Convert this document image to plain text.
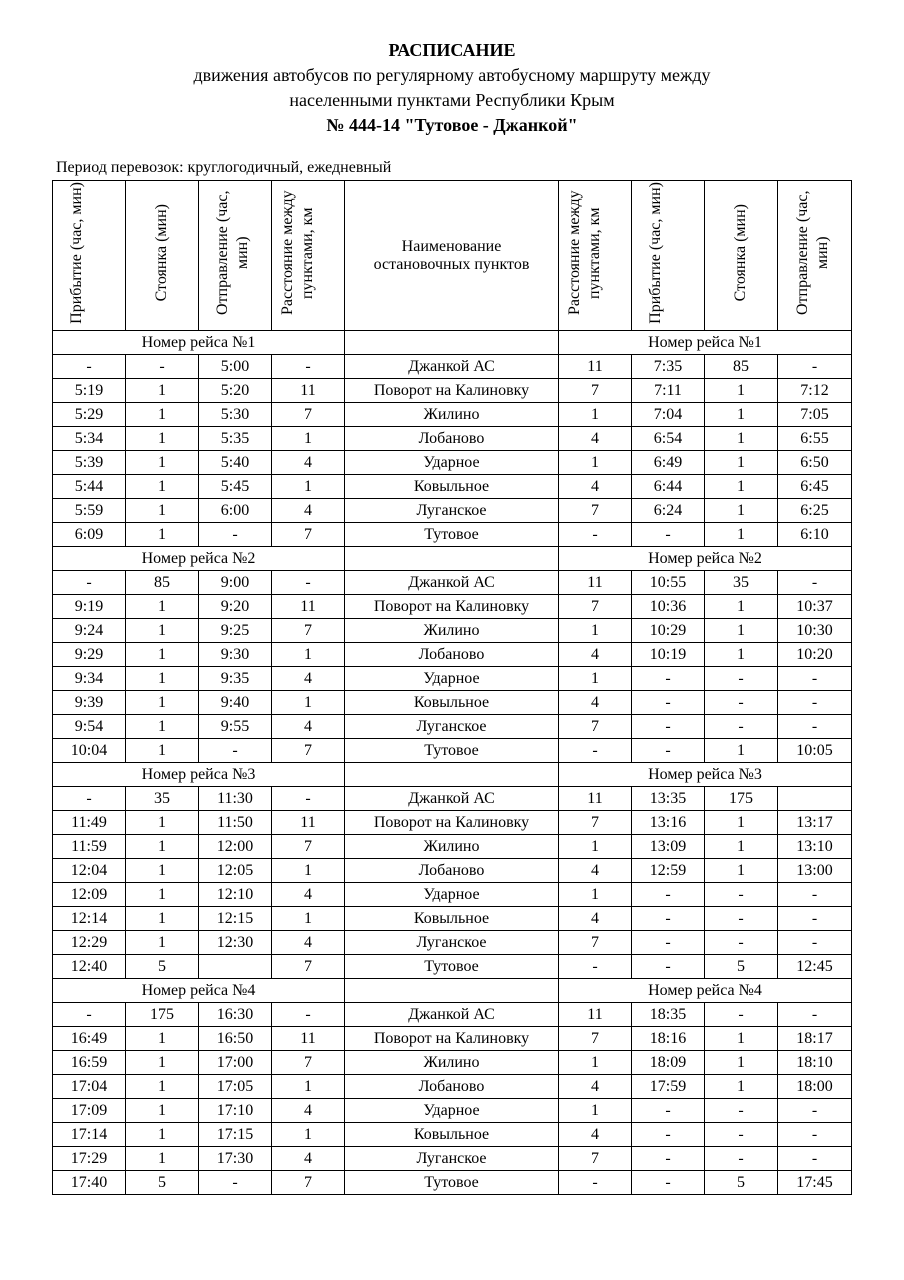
РАСПИСАНИЕ
движения автобусов по регулярному автобусному маршруту между
населенными пунктами Республики Крым
№ 444-14 "Тутовое - Джанкой"
Период перевозок: круглогодичный, ежедневный
Прибытие (час, мин)	Стоянка (мин)	Отправление (час, мин)	Расстояние между пунктами, км	Наименование остановочных пунктов	Расстояние между пунктами, км	Прибытие (час, мин)	Стоянка (мин)	Отправление (час, мин)
Номер рейса №1					Номер рейса №1			
-	-	5:00	-	Джанкой АС	11	7:35	85	-
5:19	1	5:20	11	Поворот на Калиновку	7	7:11	1	7:12
5:29	1	5:30	7	Жилино	1	7:04	1	7:05
5:34	1	5:35	1	Лобаново	4	6:54	1	6:55
5:39	1	5:40	4	Ударное	1	6:49	1	6:50
5:44	1	5:45	1	Ковыльное	4	6:44	1	6:45
5:59	1	6:00	4	Луганское	7	6:24	1	6:25
6:09	1	-	7	Тутовое	-	-	1	6:10
Номер рейса №2					Номер рейса №2			
-	85	9:00	-	Джанкой АС	11	10:55	35	-
9:19	1	9:20	11	Поворот на Калиновку	7	10:36	1	10:37
9:24	1	9:25	7	Жилино	1	10:29	1	10:30
9:29	1	9:30	1	Лобаново	4	10:19	1	10:20
9:34	1	9:35	4	Ударное	1	-	-	-
9:39	1	9:40	1	Ковыльное	4	-	-	-
9:54	1	9:55	4	Луганское	7	-	-	-
10:04	1	-	7	Тутовое	-	-	1	10:05
Номер рейса №3					Номер рейса №3			
-	35	11:30	-	Джанкой АС	11	13:35	175	
11:49	1	11:50	11	Поворот на Калиновку	7	13:16	1	13:17
11:59	1	12:00	7	Жилино	1	13:09	1	13:10
12:04	1	12:05	1	Лобаново	4	12:59	1	13:00
12:09	1	12:10	4	Ударное	1	-	-	-
12:14	1	12:15	1	Ковыльное	4	-	-	-
12:29	1	12:30	4	Луганское	7	-	-	-
12:40	5		7	Тутовое	-	-	5	12:45
Номер рейса №4					Номер рейса №4			
-	175	16:30	-	Джанкой АС	11	18:35	-	-
16:49	1	16:50	11	Поворот на Калиновку	7	18:16	1	18:17
16:59	1	17:00	7	Жилино	1	18:09	1	18:10
17:04	1	17:05	1	Лобаново	4	17:59	1	18:00
17:09	1	17:10	4	Ударное	1	-	-	-
17:14	1	17:15	1	Ковыльное	4	-	-	-
17:29	1	17:30	4	Луганское	7	-	-	-
17:40	5	-	7	Тутовое	-	-	5	17:45
